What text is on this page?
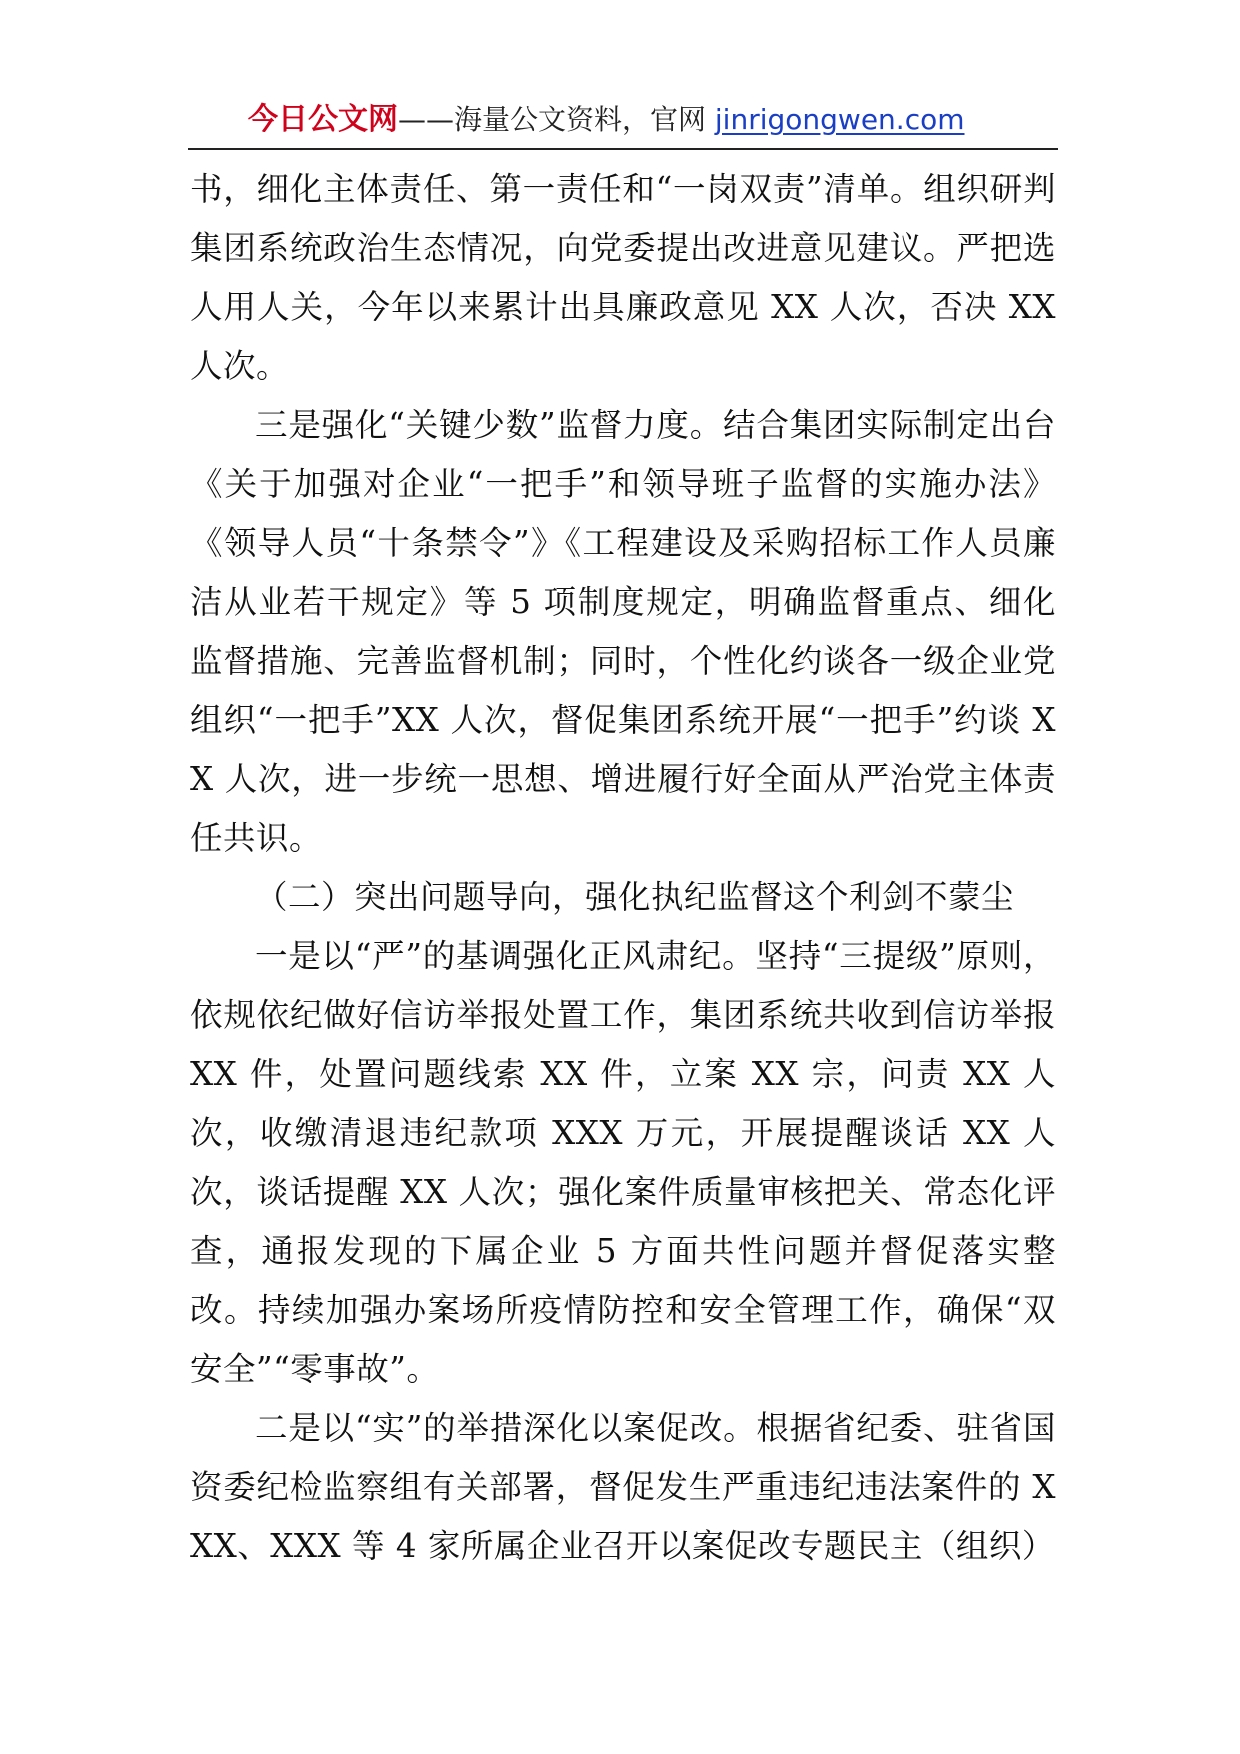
今日公文网——海量公文资料，官网 jinrigongwen.com

书，细化主体责任、第一责任和“一岗双责”清单。组织研判集团系统政治生态情况，向党委提出改进意见建议。严把选人用人关，今年以来累计出具廉政意见 XX 人次，否决 XX 人次。

三是强化“关键少数”监督力度。结合集团实际制定出台《关于加强对企业“一把手”和领导班子监督的实施办法》《领导人员“十条禁令”》《工程建设及采购招标工作人员廉洁从业若干规定》等 5 项制度规定，明确监督重点、细化监督措施、完善监督机制；同时，个性化约谈各一级企业党组织“一把手”XX 人次，督促集团系统开展“一把手”约谈 XX 人次，进一步统一思想、增进履行好全面从严治党主体责任共识。

（二）突出问题导向，强化执纪监督这个利剑不蒙尘

一是以“严”的基调强化正风肃纪。坚持“三提级”原则，依规依纪做好信访举报处置工作，集团系统共收到信访举报 XX 件，处置问题线索 XX 件，立案 XX 宗，问责 XX 人次，收缴清退违纪款项 XXX 万元，开展提醒谈话 XX 人次，谈话提醒 XX 人次；强化案件质量审核把关、常态化评查，通报发现的下属企业 5 方面共性问题并督促落实整改。持续加强办案场所疫情防控和安全管理工作，确保“双安全”“零事故”。

二是以“实”的举措深化以案促改。根据省纪委、驻省国资委纪检监察组有关部署，督促发生严重违纪违法案件的 XXX、XXX 等 4 家所属企业召开以案促改专题民主（组织）
